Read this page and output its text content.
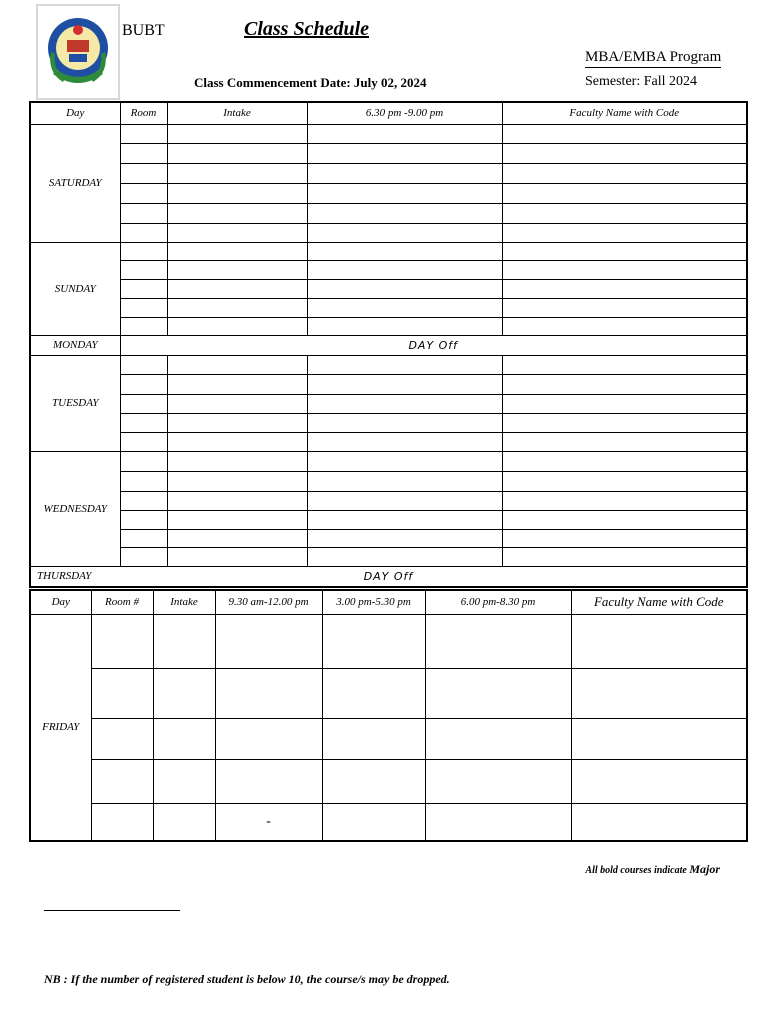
BUBT	Class Schedule
MBA/EMBA Program
Class Commencement Date: July 02, 2024	Semester: Fall 2024
Day	Room	Intake	6.30 pm -9.00 pm	Faculty Name with Code
SATURDAY				

SUNDAY				

MONDAY	DAY Off			
TUESDAY				

WEDNESDAY				

THURSDAY DAY Off				
Day	Room #	Intake	9.30 am-12.00 pm	3.00 pm-5.30 pm	6.00 pm-8.30 pm	Faculty Name with Code
FRIDAY						

			-			
All bold courses indicate Major
NB : If the number of registered student is below 10, the course/s may be dropped.
